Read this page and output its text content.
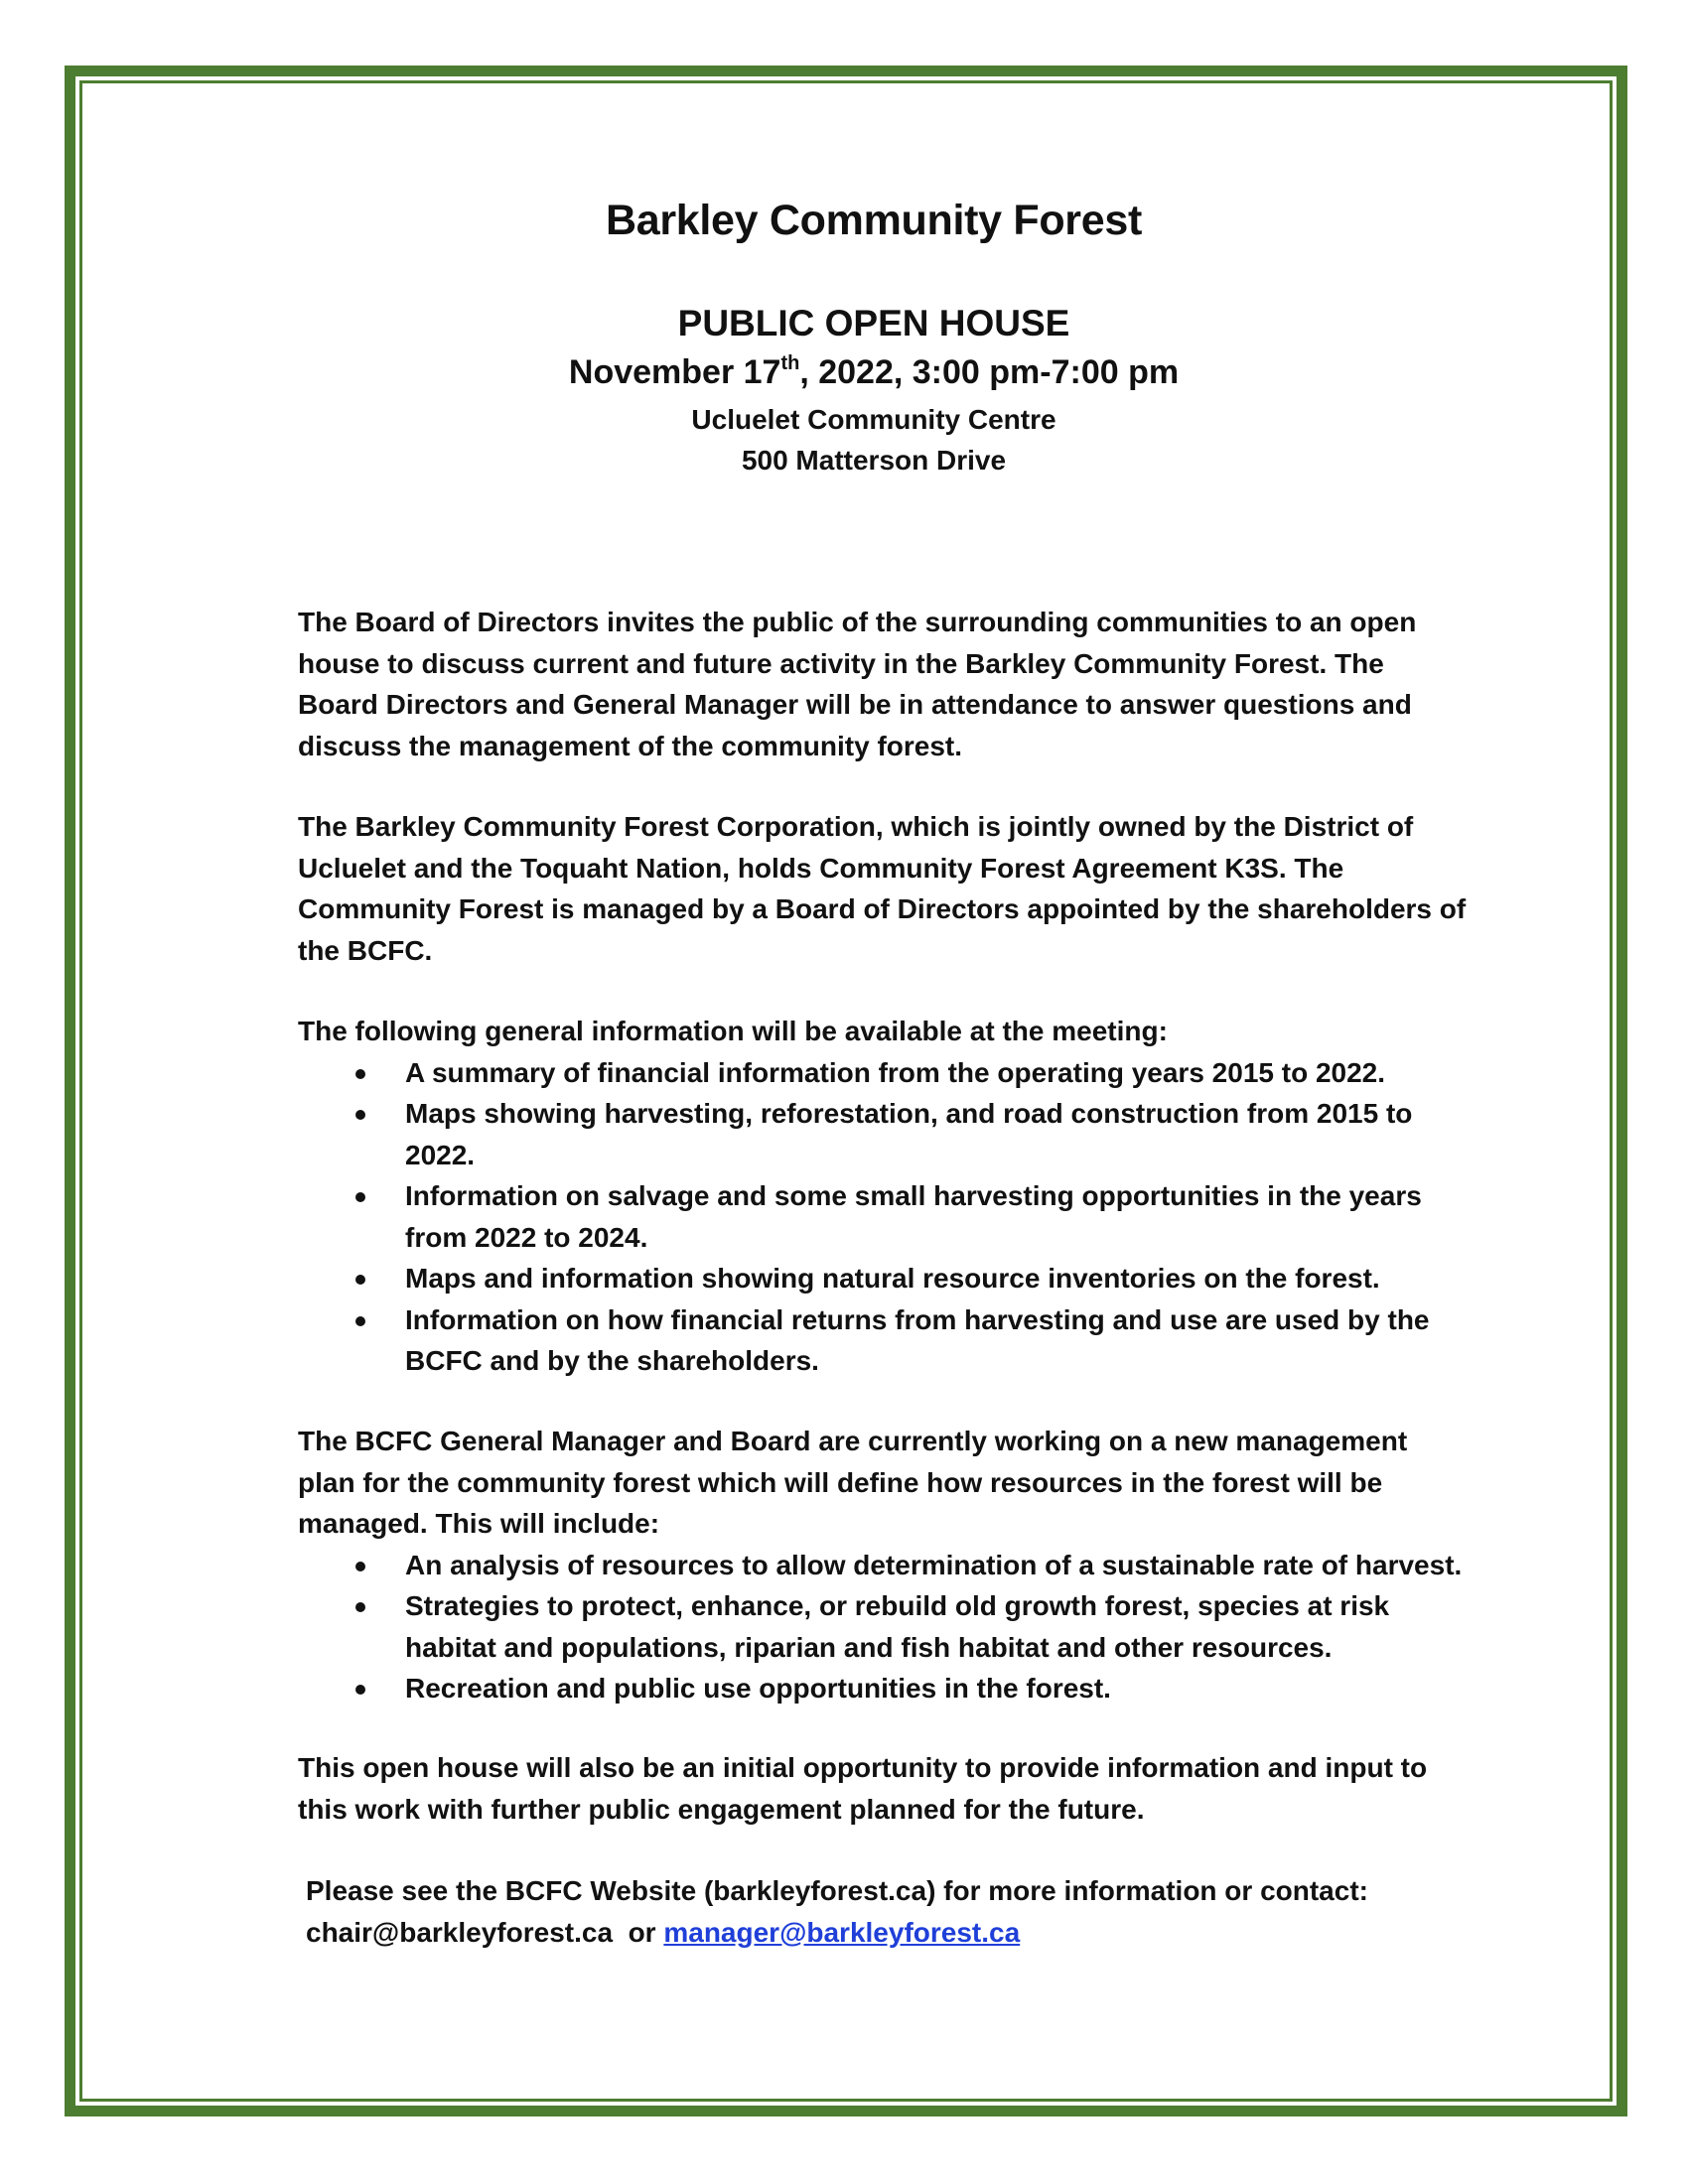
Barkley Community Forest
PUBLIC OPEN HOUSE
November 17th, 2022, 3:00 pm-7:00 pm
Ucluelet Community Centre
500 Matterson Drive

The Board of Directors invites the public of the surrounding communities to an open house to discuss current and future activity in the Barkley Community Forest. The Board Directors and General Manager will be in attendance to answer questions and discuss the management of the community forest.

The Barkley Community Forest Corporation, which is jointly owned by the District of Ucluelet and the Toquaht Nation, holds Community Forest Agreement K3S. The Community Forest is managed by a Board of Directors appointed by the shareholders of the BCFC.

The following general information will be available at the meeting:

A summary of financial information from the operating years 2015 to 2022.
Maps showing harvesting, reforestation, and road construction from 2015 to 2022.
Information on salvage and some small harvesting opportunities in the years from 2022 to 2024.
Maps and information showing natural resource inventories on the forest.
Information on how financial returns from harvesting and use are used by the BCFC and by the shareholders.

The BCFC General Manager and Board are currently working on a new management plan for the community forest which will define how resources in the forest will be managed. This will include:

An analysis of resources to allow determination of a sustainable rate of harvest.
Strategies to protect, enhance, or rebuild old growth forest, species at risk habitat and populations, riparian and fish habitat and other resources.
Recreation and public use opportunities in the forest.

This open house will also be an initial opportunity to provide information and input to this work with further public engagement planned for the future.

Please see the BCFC Website (barkleyforest.ca) for more information or contact:

chair@barkleyforest.ca  or manager@barkleyforest.ca
